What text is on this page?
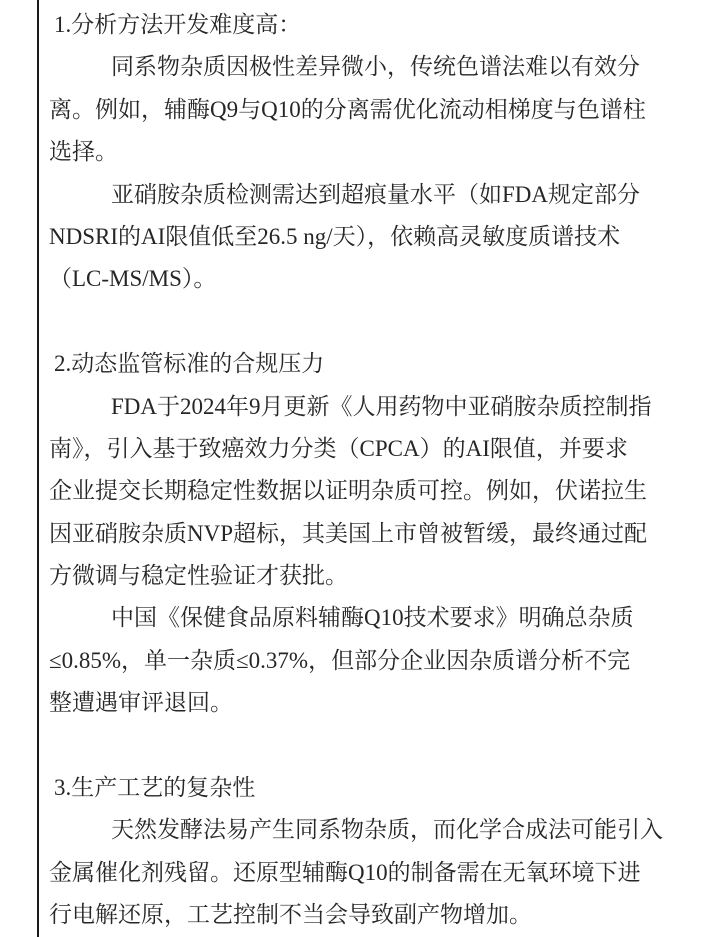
1.分析方法开发难度高：
同系物杂质因极性差异微小，传统色谱法难以有效分
离。例如，辅酶Q9与Q10的分离需优化流动相梯度与色谱柱
选择。
亚硝胺杂质检测需达到超痕量水平（如FDA规定部分
NDSRI的AI限值低至26.5 ng/天），依赖高灵敏度质谱技术
（LC-MS/MS）。
2.动态监管标准的合规压力
FDA于2024年9月更新《人用药物中亚硝胺杂质控制指
南》，引入基于致癌效力分类（CPCA）的AI限值，并要求
企业提交长期稳定性数据以证明杂质可控。例如，伏诺拉生
因亚硝胺杂质NVP超标，其美国上市曾被暂缓，最终通过配
方微调与稳定性验证才获批。
中国《保健食品原料辅酶Q10技术要求》明确总杂质
≤0.85%，单一杂质≤0.37%，但部分企业因杂质谱分析不完
整遭遇审评退回。
3.生产工艺的复杂性
天然发酵法易产生同系物杂质，而化学合成法可能引入
金属催化剂残留。还原型辅酶Q10的制备需在无氧环境下进
行电解还原，工艺控制不当会导致副产物增加。
